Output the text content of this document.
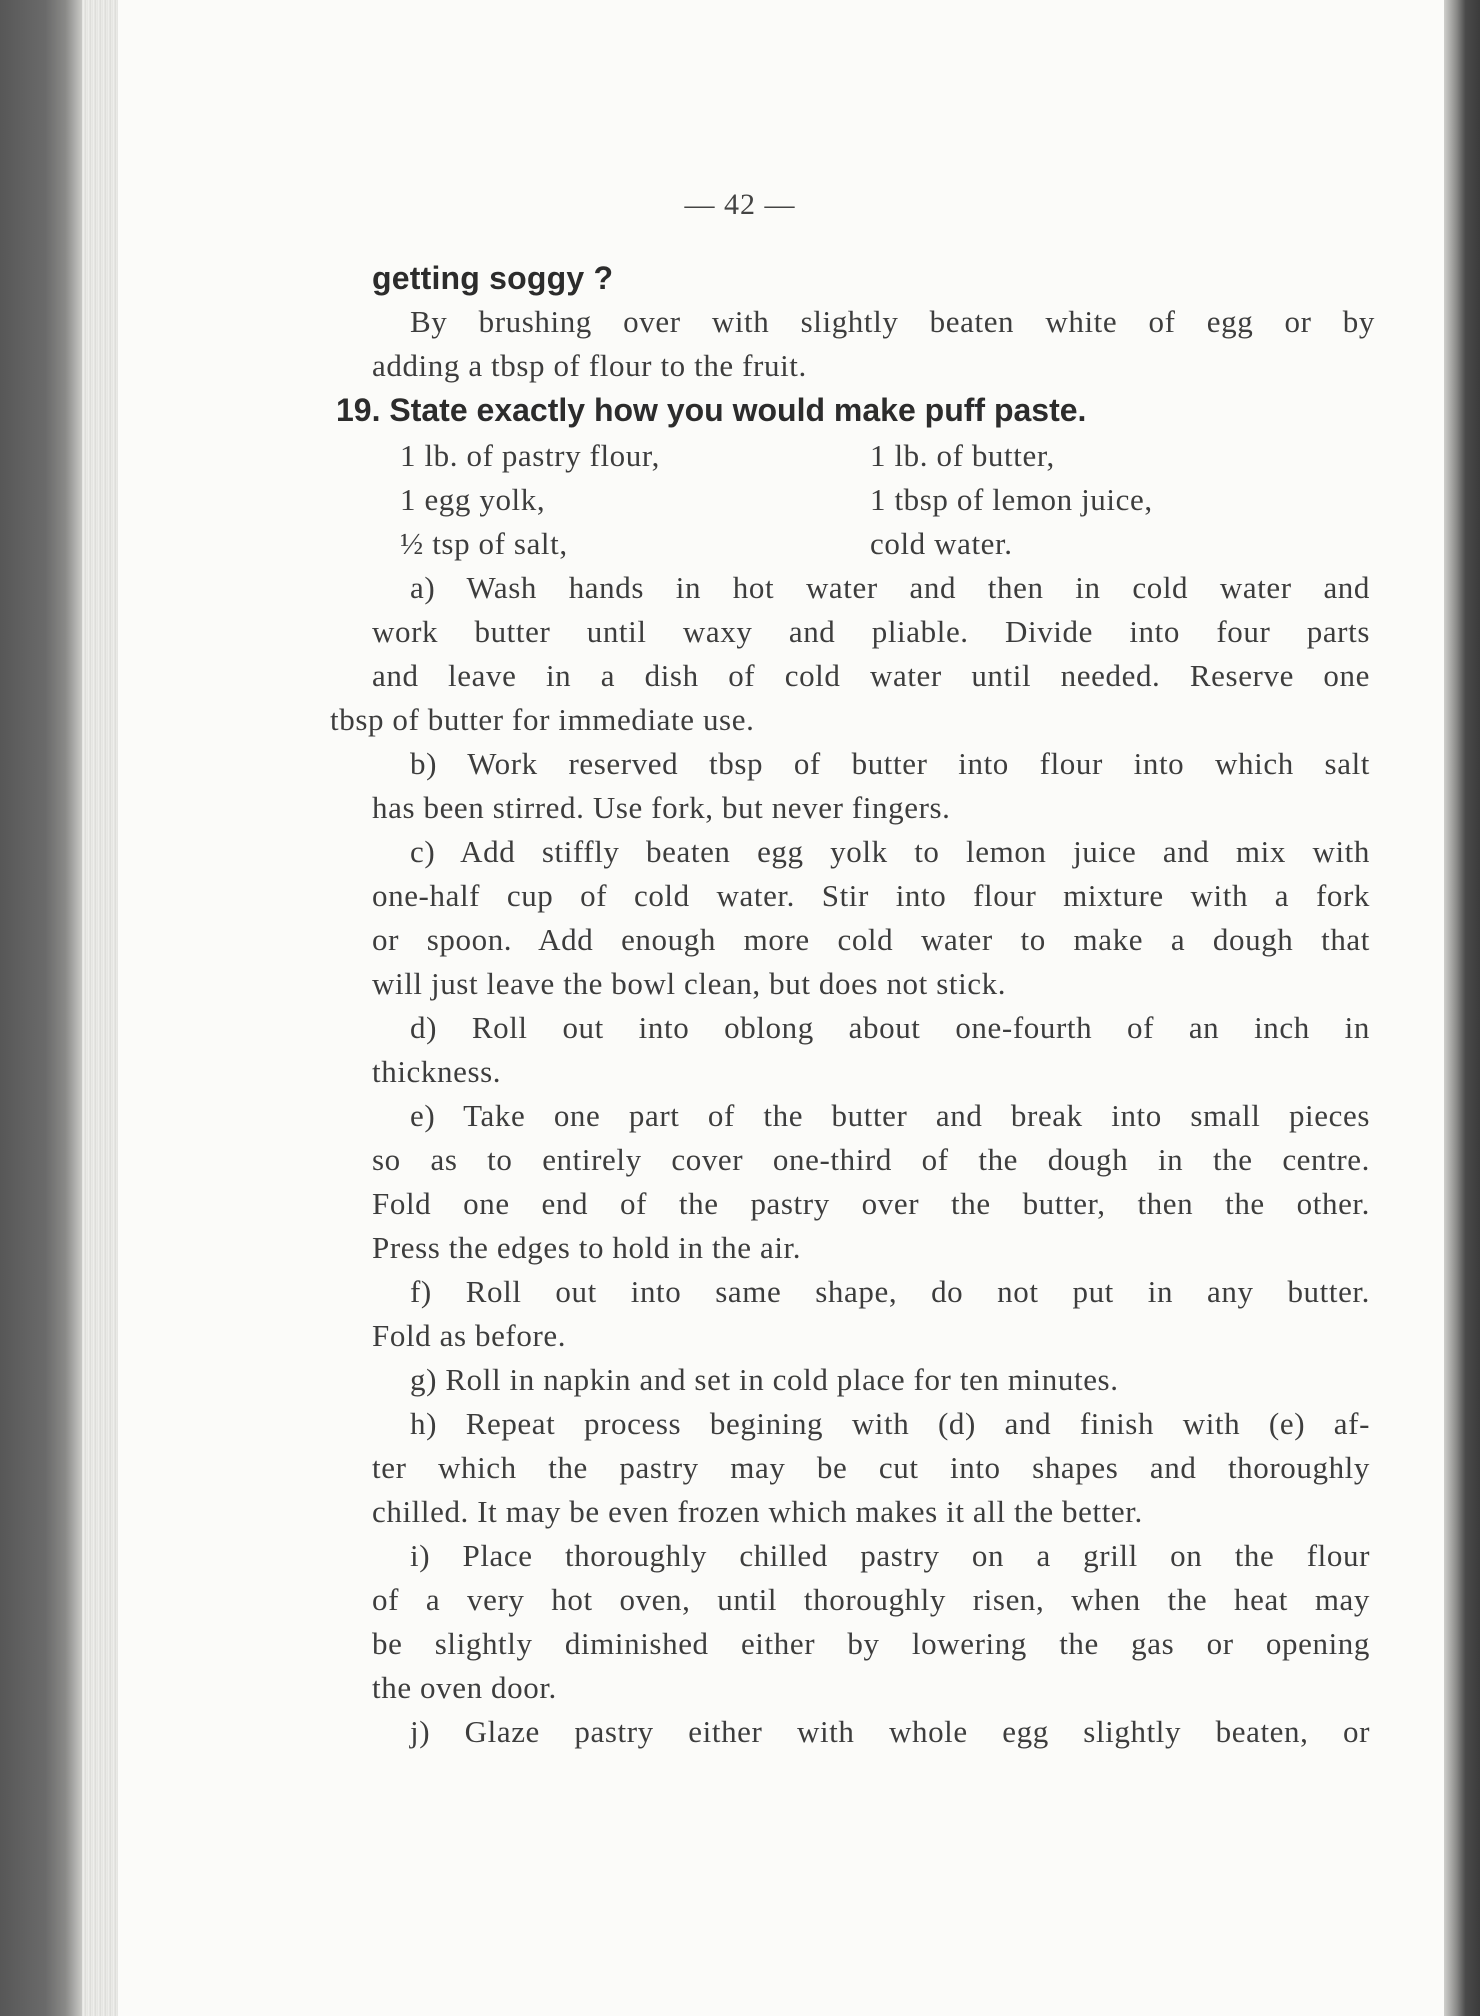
— 42 —
getting soggy ?
By brushing over with slightly beaten white of egg or by
adding a tbsp of flour to the fruit.
19. State exactly how you would make puff paste.
1 lb. of pastry flour,	1 lb. of butter,
1 egg yolk,	1 tbsp of lemon juice,
½ tsp of salt,	cold water.
a) Wash hands in hot water and then in cold water and
work butter until waxy and pliable. Divide into four parts
and leave in a dish of cold water until needed. Reserve one
tbsp of butter for immediate use.
b) Work reserved tbsp of butter into flour into which salt
has been stirred. Use fork, but never fingers.
c) Add stiffly beaten egg yolk to lemon juice and mix with
one-half cup of cold water. Stir into flour mixture with a fork
or spoon. Add enough more cold water to make a dough that
will just leave the bowl clean, but does not stick.
d) Roll out into oblong about one-fourth of an inch in
thickness.
e) Take one part of the butter and break into small pieces
so as to entirely cover one-third of the dough in the centre.
Fold one end of the pastry over the butter, then the other.
Press the edges to hold in the air.
f) Roll out into same shape, do not put in any butter.
Fold as before.
g) Roll in napkin and set in cold place for ten minutes.
h) Repeat process begining with (d) and finish with (e) af-
ter which the pastry may be cut into shapes and thoroughly
chilled. It may be even frozen which makes it all the better.
i) Place thoroughly chilled pastry on a grill on the flour
of a very hot oven, until thoroughly risen, when the heat may
be slightly diminished either by lowering the gas or opening
the oven door.
j) Glaze pastry either with whole egg slightly beaten, or
